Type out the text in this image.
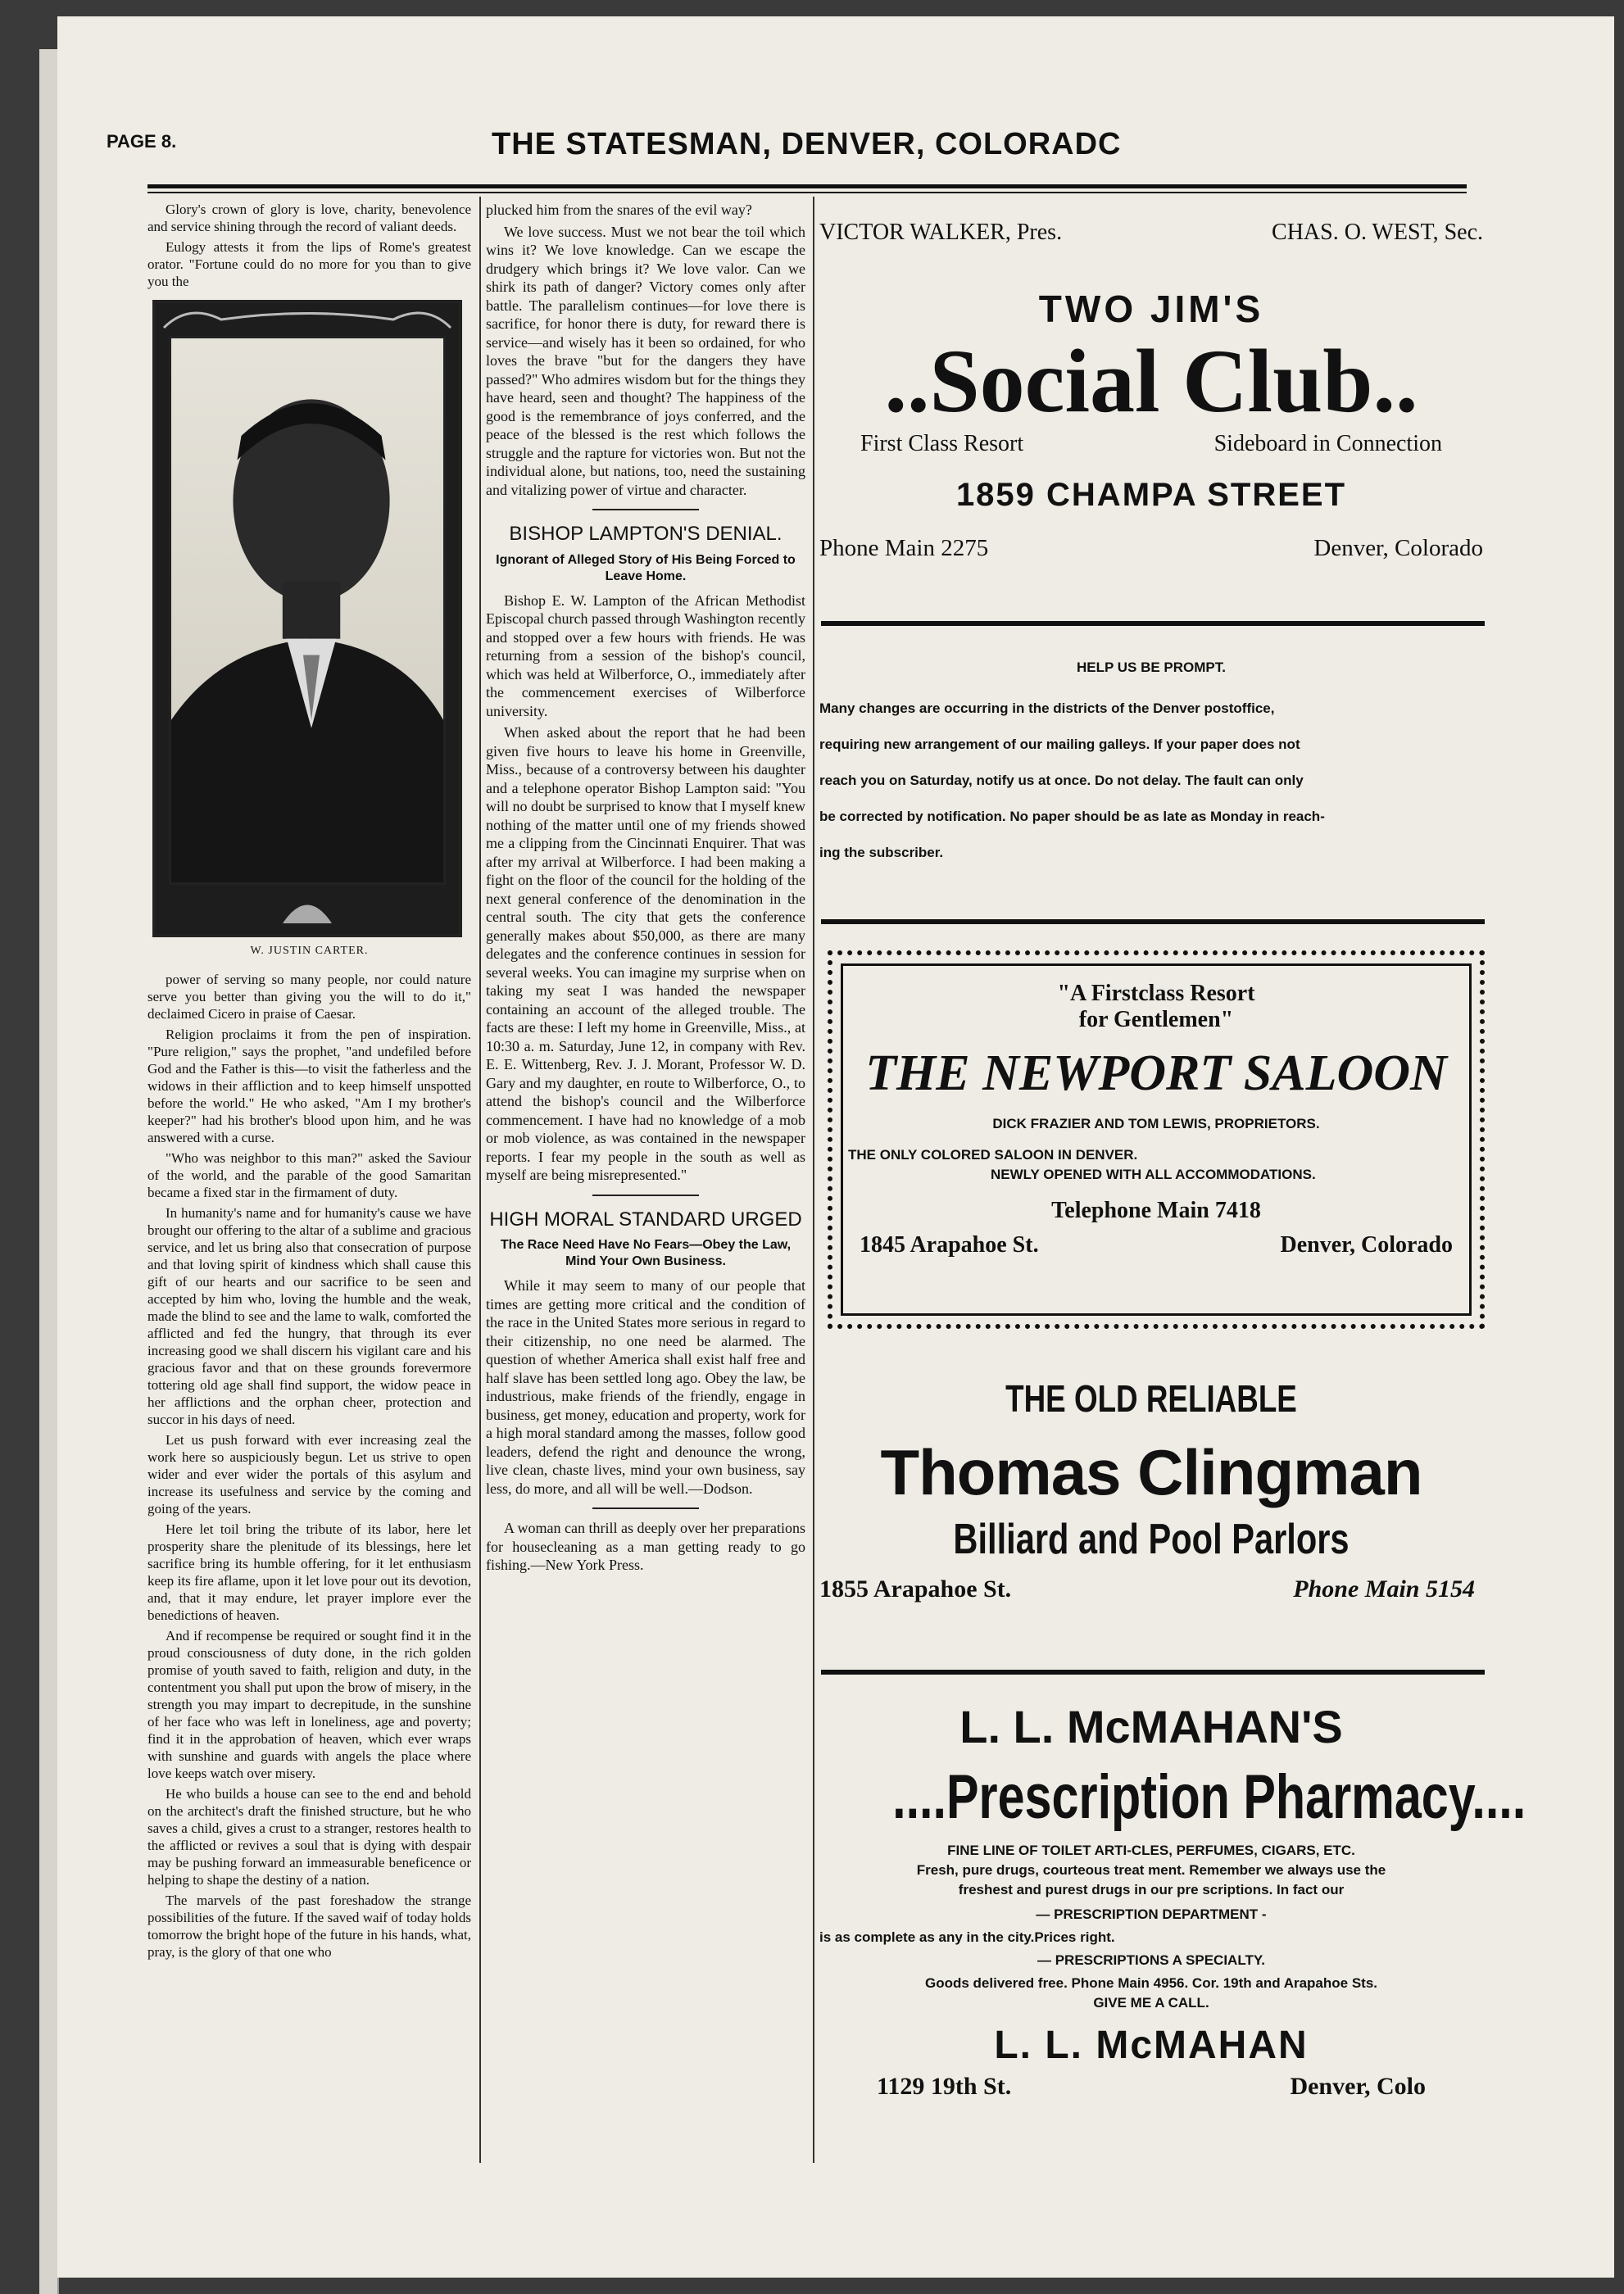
PAGE 8.	THE STATESMAN, DENVER, COLORADC

Glory's crown of glory is love, charity, benevolence and service shining through the record of valiant deeds.

Eulogy attests it from the lips of Rome's greatest orator. "Fortune could do no more for you than to give you the

W. JUSTIN CARTER.

power of serving so many people, nor could nature serve you better than giving you the will to do it," declaimed Cicero in praise of Caesar.

Religion proclaims it from the pen of inspiration. "Pure religion," says the prophet, "and undefiled before God and the Father is this—to visit the fatherless and the widows in their affliction and to keep himself unspotted before the world." He who asked, "Am I my brother's keeper?" had his brother's blood upon him, and he was answered with a curse.

"Who was neighbor to this man?" asked the Saviour of the world, and the parable of the good Samaritan became a fixed star in the firmament of duty.

In humanity's name and for humanity's cause we have brought our offering to the altar of a sublime and gracious service, and let us bring also that consecration of purpose and that loving spirit of kindness which shall cause this gift of our hearts and our sacrifice to be seen and accepted by him who, loving the humble and the weak, made the blind to see and the lame to walk, comforted the afflicted and fed the hungry, that through its ever increasing good we shall discern his vigilant care and his gracious favor and that on these grounds forevermore tottering old age shall find support, the widow peace in her afflictions and the orphan cheer, protection and succor in his days of need.

Let us push forward with ever increasing zeal the work here so auspiciously begun. Let us strive to open wider and ever wider the portals of this asylum and increase its usefulness and service by the coming and going of the years.

Here let toil bring the tribute of its labor, here let prosperity share the plenitude of its blessings, here let sacrifice bring its humble offering, for it let enthusiasm keep its fire aflame, upon it let love pour out its devotion, and, that it may endure, let prayer implore ever the benedictions of heaven.

And if recompense be required or sought find it in the proud consciousness of duty done, in the rich golden promise of youth saved to faith, religion and duty, in the contentment you shall put upon the brow of misery, in the strength you may impart to decrepitude, in the sunshine of her face who was left in loneliness, age and poverty; find it in the approbation of heaven, which ever wraps with sunshine and guards with angels the place where love keeps watch over misery.

He who builds a house can see to the end and behold on the architect's draft the finished structure, but he who saves a child, gives a crust to a stranger, restores health to the afflicted or revives a soul that is dying with despair may be pushing forward an immeasurable beneficence or helping to shape the destiny of a nation.

The marvels of the past foreshadow the strange possibilities of the future. If the saved waif of today holds tomorrow the bright hope of the future in his hands, what, pray, is the glory of that one who

plucked him from the snares of the evil way?

We love success. Must we not bear the toil which wins it? We love knowledge. Can we escape the drudgery which brings it? We love valor. Can we shirk its path of danger? Victory comes only after battle. The parallelism continues—for love there is sacrifice, for honor there is duty, for reward there is service—and wisely has it been so ordained, for who loves the brave "but for the dangers they have passed?" Who admires wisdom but for the things they have heard, seen and thought? The happiness of the good is the remembrance of joys conferred, and the peace of the blessed is the rest which follows the struggle and the rapture for victories won. But not the individual alone, but nations, too, need the sustaining and vitalizing power of virtue and character.

BISHOP LAMPTON'S DENIAL.
Ignorant of Alleged Story of His Being Forced to Leave Home.

Bishop E. W. Lampton of the African Methodist Episcopal church passed through Washington recently and stopped over a few hours with friends. He was returning from a session of the bishop's council, which was held at Wilberforce, O., immediately after the commencement exercises of Wilberforce university.

When asked about the report that he had been given five hours to leave his home in Greenville, Miss., because of a controversy between his daughter and a telephone operator Bishop Lampton said: "You will no doubt be surprised to know that I myself knew nothing of the matter until one of my friends showed me a clipping from the Cincinnati Enquirer. That was after my arrival at Wilberforce. I had been making a fight on the floor of the council for the holding of the next general conference of the denomination in the central south. The city that gets the conference generally makes about $50,000, as there are many delegates and the conference continues in session for several weeks. You can imagine my surprise when on taking my seat I was handed the newspaper containing an account of the alleged trouble. The facts are these: I left my home in Greenville, Miss., at 10:30 a. m. Saturday, June 12, in company with Rev. E. E. Wittenberg, Rev. J. J. Morant, Professor W. D. Gary and my daughter, en route to Wilberforce, O., to attend the bishop's council and the Wilberforce commencement. I have had no knowledge of a mob or mob violence, as was contained in the newspaper reports. I fear my people in the south as well as myself are being misrepresented."

HIGH MORAL STANDARD URGED
The Race Need Have No Fears—Obey the Law, Mind Your Own Business.

While it may seem to many of our people that times are getting more critical and the condition of the race in the United States more serious in regard to their citizenship, no one need be alarmed. The question of whether America shall exist half free and half slave has been settled long ago. Obey the law, be industrious, make friends of the friendly, engage in business, get money, education and property, work for a high moral standard among the masses, follow good leaders, defend the right and denounce the wrong, live clean, chaste lives, mind your own business, say less, do more, and all will be well.—Dodson.

A woman can thrill as deeply over her preparations for housecleaning as a man getting ready to go fishing.—New York Press.

VICTOR WALKER, Pres.	CHAS. O. WEST, Sec.
TWO JIM'S
..Social Club..
First Class Resort	Sideboard in Connection
1859 CHAMPA STREET
Phone Main 2275	Denver, Colorado
HELP US BE PROMPT.

Many changes are occurring in the districts of the Denver postoffice,

requiring new arrangement of our mailing galleys. If your paper does not

reach you on Saturday, notify us at once. Do not delay. The fault can only

be corrected by notification. No paper should be as late as Monday in reach-

ing the subscriber.

"A Firstclass Resort
for Gentlemen"
THE NEWPORT SALOON
DICK FRAZIER AND TOM LEWIS, PROPRIETORS.
THE ONLY COLORED SALOON IN DENVER.
NEWLY OPENED WITH ALL ACCOMMODATIONS.
Telephone Main 7418
1845 Arapahoe St.	Denver, Colorado
THE OLD RELIABLE
Thomas Clingman
Billiard and Pool Parlors
1855 Arapahoe St.	Phone Main 5154
L. L. McMAHAN'S
....Prescription Pharmacy....
FINE LINE OF TOILET ARTI-CLES, PERFUMES, CIGARS, ETC.
Fresh, pure drugs, courteous treat ment. Remember we always use the
freshest and purest drugs in our pre scriptions. In fact our
— PRESCRIPTION DEPARTMENT -
is as complete as any in the city.Prices right.
— PRESCRIPTIONS A SPECIALTY.
Goods delivered free. Phone Main 4956. Cor. 19th and Arapahoe Sts.
GIVE ME A CALL.
L. L. McMAHAN
1129 19th St.	Denver, Colo
